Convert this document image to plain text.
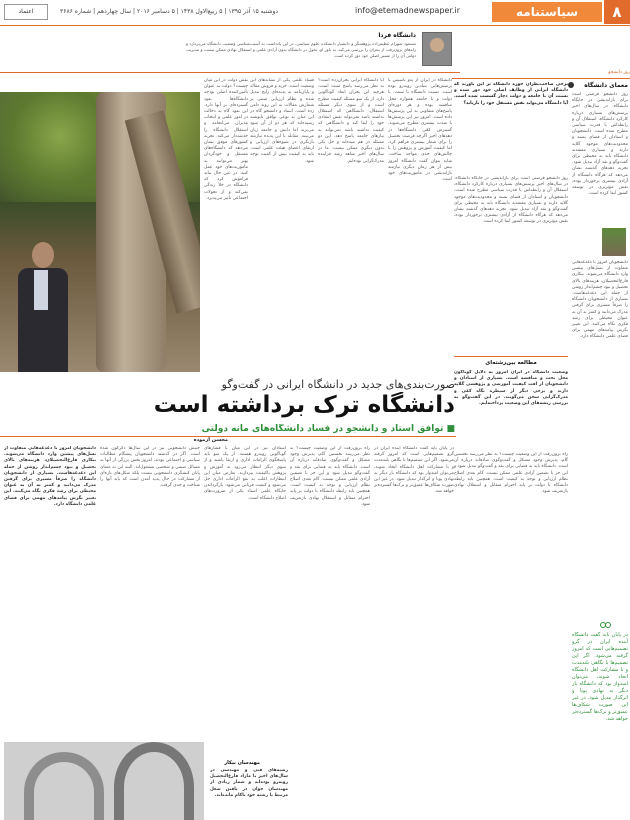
۸
سیاستنامه
info@etemadnewspaper.ir
دوشنبه ۱۵ آذر ۱۳۹۵ | ۵ ربیع‌الاول ۱۴۳۸ | ۵ دسامبر ۲۰۱۶ | سال چهاردهم | شماره ۳۶۸۶
اعتماد
دانشگاه فردا
مسعود شهرام عظیم‌زاده پژوهشگر و دانشیار دانشکده علوم سیاسی، در این یادداشت به آسیب‌شناسی وضعیت دانشگاه می‌پردازد و راه‌های برون‌رفت از بحران را بررسی می‌کند. به باور او، تحول در دانشگاه بدون آزادی علمی و استقلال نهادی ممکن نیست و مدیریت دولتی آن را از مسیر اصلی خود دور کرده است.
روز دانشجو
معمای دانشگاه
برخی صاحب‌نظران حوزه دانشگاه بر این باورند که دانشگاه ایرانی از وظایف اصلی خود دور شده و نسبت آن با جامعه و دولت دچار گسست شده است. آیا دانشگاه می‌تواند نقش مستقل خود را بازیابد؟
روز دانشجو فرصتی است برای بازاندیشی در جایگاه دانشگاه. در سال‌های اخیر پرسش‌های بسیاری درباره کارکرد دانشگاه، استقلال آن و رابطه‌اش با قدرت سیاسی مطرح شده است. دانشجویان و استادان از فضای بسته و محدودیت‌های موجود گلایه دارند و بسیاری معتقدند دانشگاه باید به محیطی برای گفت‌وگو و نقد آزاد تبدیل شود. تجربه دهه‌های گذشته نشان می‌دهد که هرگاه دانشگاه از آزادی بیشتری برخوردار بوده، نقش مؤثرتری در توسعه کشور ایفا کرده است.
روز دانشجو فرصتی است برای بازاندیشی در جایگاه دانشگاه. در سال‌های اخیر پرسش‌های بسیاری درباره کارکرد دانشگاه، استقلال آن و رابطه‌اش با قدرت سیاسی مطرح شده است. دانشجویان و استادان از فضای بسته و محدودیت‌های موجود گلایه دارند و بسیاری معتقدند دانشگاه باید به محیطی برای گفت‌وگو و نقد آزاد تبدیل شود. تجربه دهه‌های گذشته نشان می‌دهد که هرگاه دانشگاه از آزادی بیشتری برخوردار بوده، نقش مؤثرتری در توسعه کشور ایفا کرده است.
دانشجویان امروز با دغدغه‌هایی متفاوت از نسل‌های پیشین وارد دانشگاه می‌شوند. بیکاری فارغ‌التحصیلان، هزینه‌های بالای تحصیل و نبود چشم‌انداز روشن از جمله این دغدغه‌هاست. بسیاری از دانشجویان دانشگاه را صرفاً مسیری برای گرفتن مدرک می‌دانند و کمتر به آن به عنوان محیطی برای رشد فکری نگاه می‌کنند. این تغییر نگرش پیامدهای مهمی برای فضای علمی دانشگاه دارد.
مطالعه بین‌رشته‌ای
وضعیت دانشگاه در ایران امروز به دلایل گوناگون محل بحث و مناقشه است. بسیاری از استادان و دانشجویان از افت کیفیت آموزشی و پژوهشی گلایه دارند و برخی دیگر از سیطره نگاه کمّی و مدرک‌گرایی سخن می‌گویند. در این گفت‌وگو به بررسی ریشه‌های این وضعیت پرداخته‌ایم.
راه برون‌رفت از این وضعیت چیست؟ به نظر می‌رسد نخستین گام، پذیرش وجود مشکل و گفت‌وگوی صادقانه درباره آن است. دانشگاه باید به فضایی برای نقد و گفت‌وگو تبدیل شود و این جز با تضمین آزادی علمی ممکن نیست. گام بعدی اصلاح نظام ارزیابی و توجه به کیفیت است. همچنین باید رابطه دانشگاه با دولت بر پایه احترام متقابل و استقلال نهادی بازتعریف شود.
در پایان باید گفت دانشگاه آینده ایران در گرو تصمیم‌هایی است که امروز گرفته می‌شود. اگر این تصمیم‌ها با نگاهی بلندمدت و با مشارکت اهل دانشگاه اتخاذ شوند، می‌توان امیدوار بود که دانشگاه بار دیگر به نهادی پویا و اثرگذار تبدیل شود. در غیر این صورت شکاف‌ها عمیق‌تر و ترک‌ها گسترده‌تر خواهد شد.
دانشگاه در ایران از بدو تأسیس با پرسش‌هایی بنیادین روبه‌رو بوده است. نسبت دانشگاه با سنت، با دولت و با جامعه همواره محل مناقشه بوده و هر دوره‌ای پاسخ‌های متفاوتی به این پرسش‌ها داده است. امروز نیز این پرسش‌ها با شدت بیشتری مطرح می‌شوند. گسترش کمّی دانشگاه‌ها در دهه‌های اخیر اگرچه فرصت تحصیل را برای شمار بیشتری فراهم کرد، اما کیفیت آموزش و پژوهش را با چالش‌های جدی مواجه ساخت. شاید بتوان گفت دانشگاه امروز بیش از هر زمان دیگری نیازمند بازاندیشی در مأموریت‌های خود است.
آیا دانشگاه ایرانی بحران‌زده است؟ به نظر می‌رسد پاسخ مثبت است، هرچند این بحران ابعاد گوناگونی دارد. از یک سو مسئله کیفیت مطرح است و از سوی دیگر مسئله استقلال. دانشگاهی که استقلال نداشته باشد نمی‌تواند نقش انتقادی خود را ایفا کند و دانشگاهی که کیفیت نداشته باشد نمی‌تواند به نیازهای جامعه پاسخ دهد. این دو مسئله در هم تنیده‌اند و حل یکی بدون دیگری ممکن نیست. ما در سال‌های اخیر شاهد رشد فزاینده مدرک‌گرایی بوده‌ایم.
فساد علمی یکی از نشانه‌های این وضعیت است. خرید و فروش مقاله و پایان‌نامه به پدیده‌ای رایج تبدیل شده و نظام ارزیابی مبتنی بر شمارش مقالات به این روند دامن زده است. استاد و دانشجو گاه در این میان به نوعی توافق نانوشته رسیده‌اند که هر دو از آن سود می‌برند اما دانش و جامعه زیان می‌بیند. مقابله با این پدیده نیازمند بازنگری در شیوه‌های ارزیابی و ارتقای اعضای هیئت علمی است. باید به کیفیت بیش از کمیت توجه شود.
نقش دولت در این میان چیست؟ دولت به عنوان تأمین‌کننده اصلی بودجه دانشگاه‌ها نفوذ گسترده‌ای بر آنها دارد. این نفوذ گاه به دخالت در امور علمی و انتخاب مدیران می‌انجامد و استقلال دانشگاه را خدشه‌دار می‌کند. تجربه کشورهای موفق نشان می‌دهد که دانشگاه‌های مستقل و خودگردان بهتر می‌توانند به مأموریت‌های خود عمل کنند. در عین حال نباید فراموش کرد که دانشگاه در خلأ زندگی نمی‌کند و از تحولات اجتماعی تأثیر می‌پذیرد.
صورت‌بندی‌های جدید در دانشگاه ایرانی در گفت‌وگو
دانشگاه ترک برداشته است
■ توافق استاد و دانشجو در فساد دانشگاه‌های مانه دولتی
محسن آزموده
دانشجویان امروز با دغدغه‌هایی متفاوت از نسل‌های پیشین وارد دانشگاه می‌شوند. بیکاری فارغ‌التحصیلان، هزینه‌های بالای تحصیل و نبود چشم‌انداز روشن از جمله این دغدغه‌هاست. بسیاری از دانشجویان دانشگاه را صرفاً مسیری برای گرفتن مدرک می‌دانند و کمتر به آن به عنوان محیطی برای رشد فکری نگاه می‌کنند. این تغییر نگرش پیامدهای مهمی برای فضای علمی دانشگاه دارد.
جنبش دانشجویی نیز در این سال‌ها دگرگون شده است. اگر در گذشته دانشجویان پیشگام مطالبات سیاسی و اجتماعی بودند، امروز بخش بزرگی از آنها به مسائل صنفی و شخصی مشغول‌اند. البته این به معنای پایان کنشگری دانشجویی نیست بلکه شکل‌های تازه‌ای از مشارکت در حال پدید آمدن است که باید آنها را شناخت و جدی گرفت.
استادان نیز در این میان با فشارهای گوناگونی روبه‌رو هستند. از یک سو باید پاسخگوی الزامات اداری و ارتقا باشند و از سوی دیگر انتظار می‌رود به آموزش و پژوهش باکیفیت بپردازند. تعارض میان این انتظارات اغلب به نفع الزامات اداری حل می‌شود و کیفیت قربانی می‌شود. بازگرداندن جایگاه علمی استاد یکی از ضرورت‌های اصلاح دانشگاه است.
راه برون‌رفت از این وضعیت چیست؟ به نظر می‌رسد نخستین گام، پذیرش وجود مشکل و گفت‌وگوی صادقانه درباره آن است. دانشگاه باید به فضایی برای نقد و گفت‌وگو تبدیل شود و این جز با تضمین آزادی علمی ممکن نیست. گام بعدی اصلاح نظام ارزیابی و توجه به کیفیت است. همچنین باید رابطه دانشگاه با دولت بر پایه احترام متقابل و استقلال نهادی بازتعریف شود.
در پایان باید گفت دانشگاه آینده ایران در گرو تصمیم‌هایی است که امروز گرفته می‌شود. اگر این تصمیم‌ها با نگاهی بلندمدت و با مشارکت اهل دانشگاه اتخاذ شوند، می‌توان امیدوار بود که دانشگاه بار دیگر به نهادی پویا و اثرگذار تبدیل شود. در غیر این صورت شکاف‌ها عمیق‌تر و ترک‌ها گسترده‌تر خواهد شد.
مهندسان بیکار
رشته‌های فنی و مهندسی در سال‌های اخیر با مازاد فارغ‌التحصیل روبه‌رو بوده‌اند و شمار زیادی از مهندسان جوان در یافتن شغل مرتبط با رشته خود ناکام مانده‌اند.
